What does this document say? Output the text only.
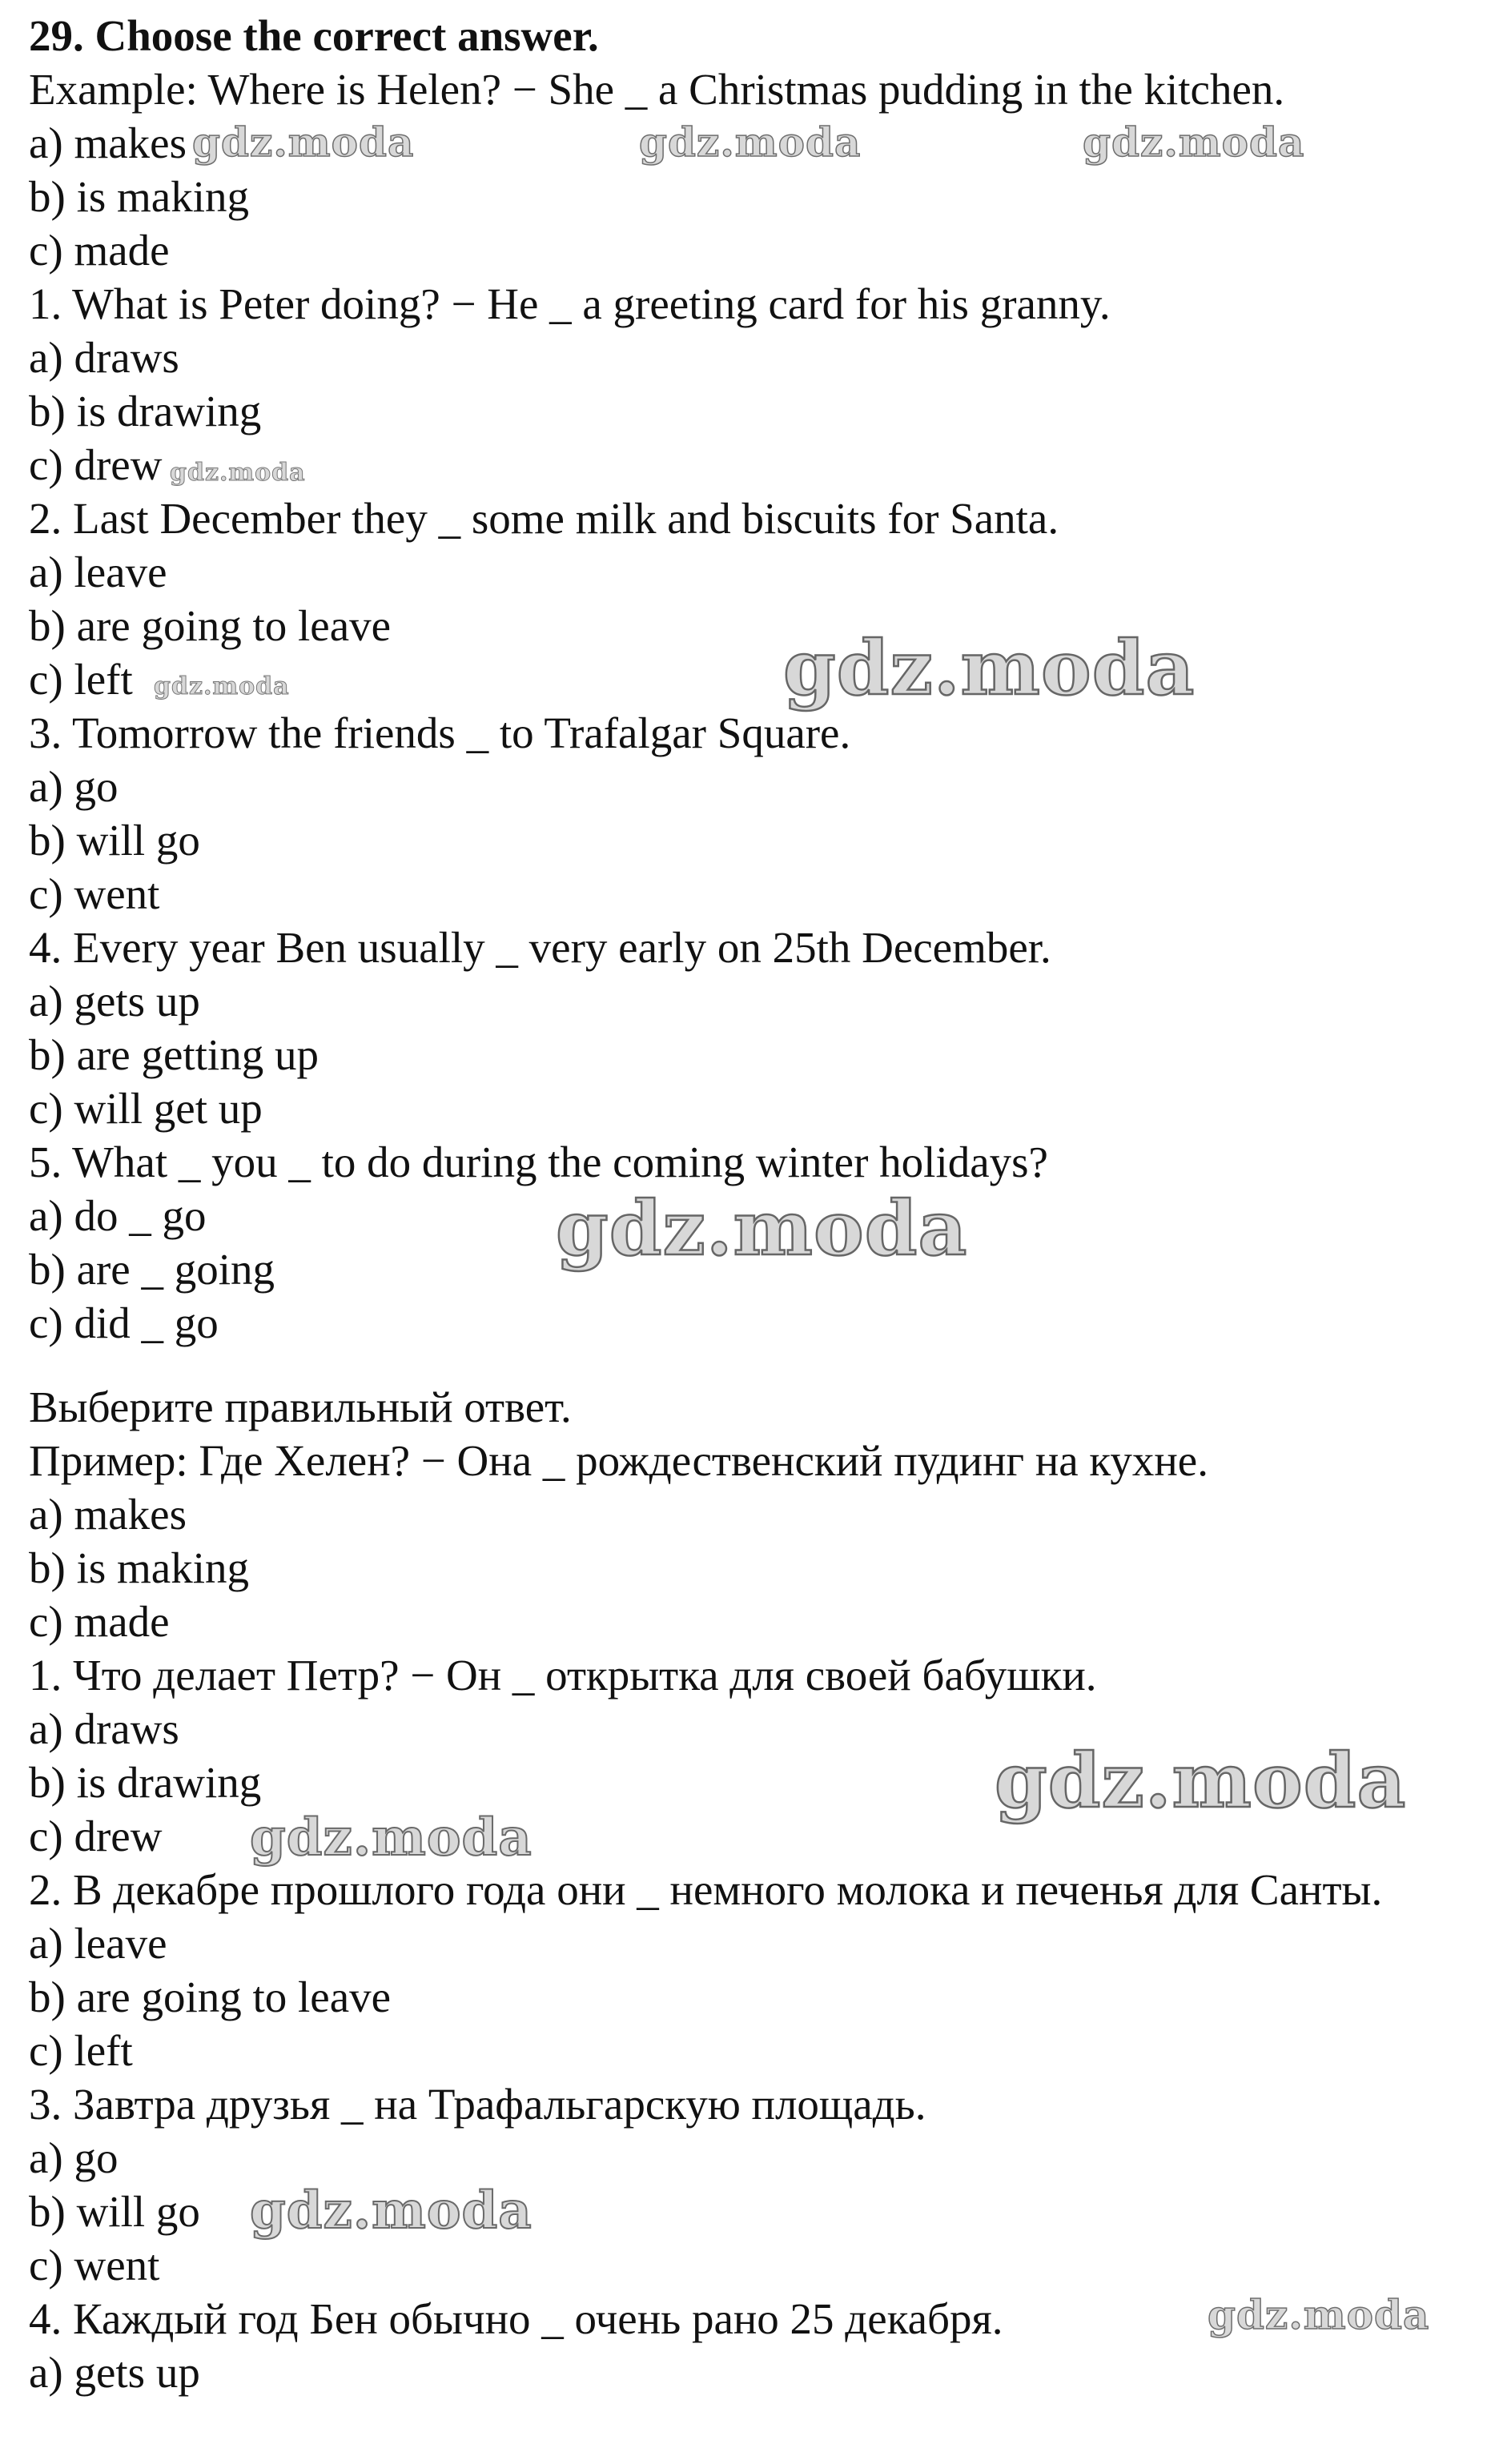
29. Choose the correct answer.

Example: Where is Helen? − She _ a Christmas pudding in the kitchen.

a) makes

b) is making

c) made

1. What is Peter doing? − He _ a greeting card for his granny.

a) draws

b) is drawing

c) drew

2. Last December they _ some milk and biscuits for Santa.

a) leave

b) are going to leave

c) left

3. Tomorrow the friends _ to Trafalgar Square.

a) go

b) will go

c) went

4. Every year Ben usually _ very early on 25th December.

a) gets up

b) are getting up

c) will get up

5. What _ you _ to do during the coming winter holidays?

a) do _ go

b) are _ going

c) did _ go

Выберите правильный ответ.

Пример: Где Хелен? − Она _ рождественский пудинг на кухне.

a) makes

b) is making

c) made

1. Что делает Петр? − Он _ открытка для своей бабушки.

a) draws

b) is drawing

c) drew

2. В декабре прошлого года они _ немного молока и печенья для Санты.

a) leave

b) are going to leave

c) left

3. Завтра друзья _ на Трафальгарскую площадь.

a) go

b) will go

c) went

4. Каждый год Бен обычно _ очень рано 25 декабря.

a) gets up

gdz.moda	gdz.moda	gdz.moda
gdz.moda
gdz.moda	gdz.moda
gdz.moda
gdz.moda
gdz.moda
gdz.moda
gdz.moda
